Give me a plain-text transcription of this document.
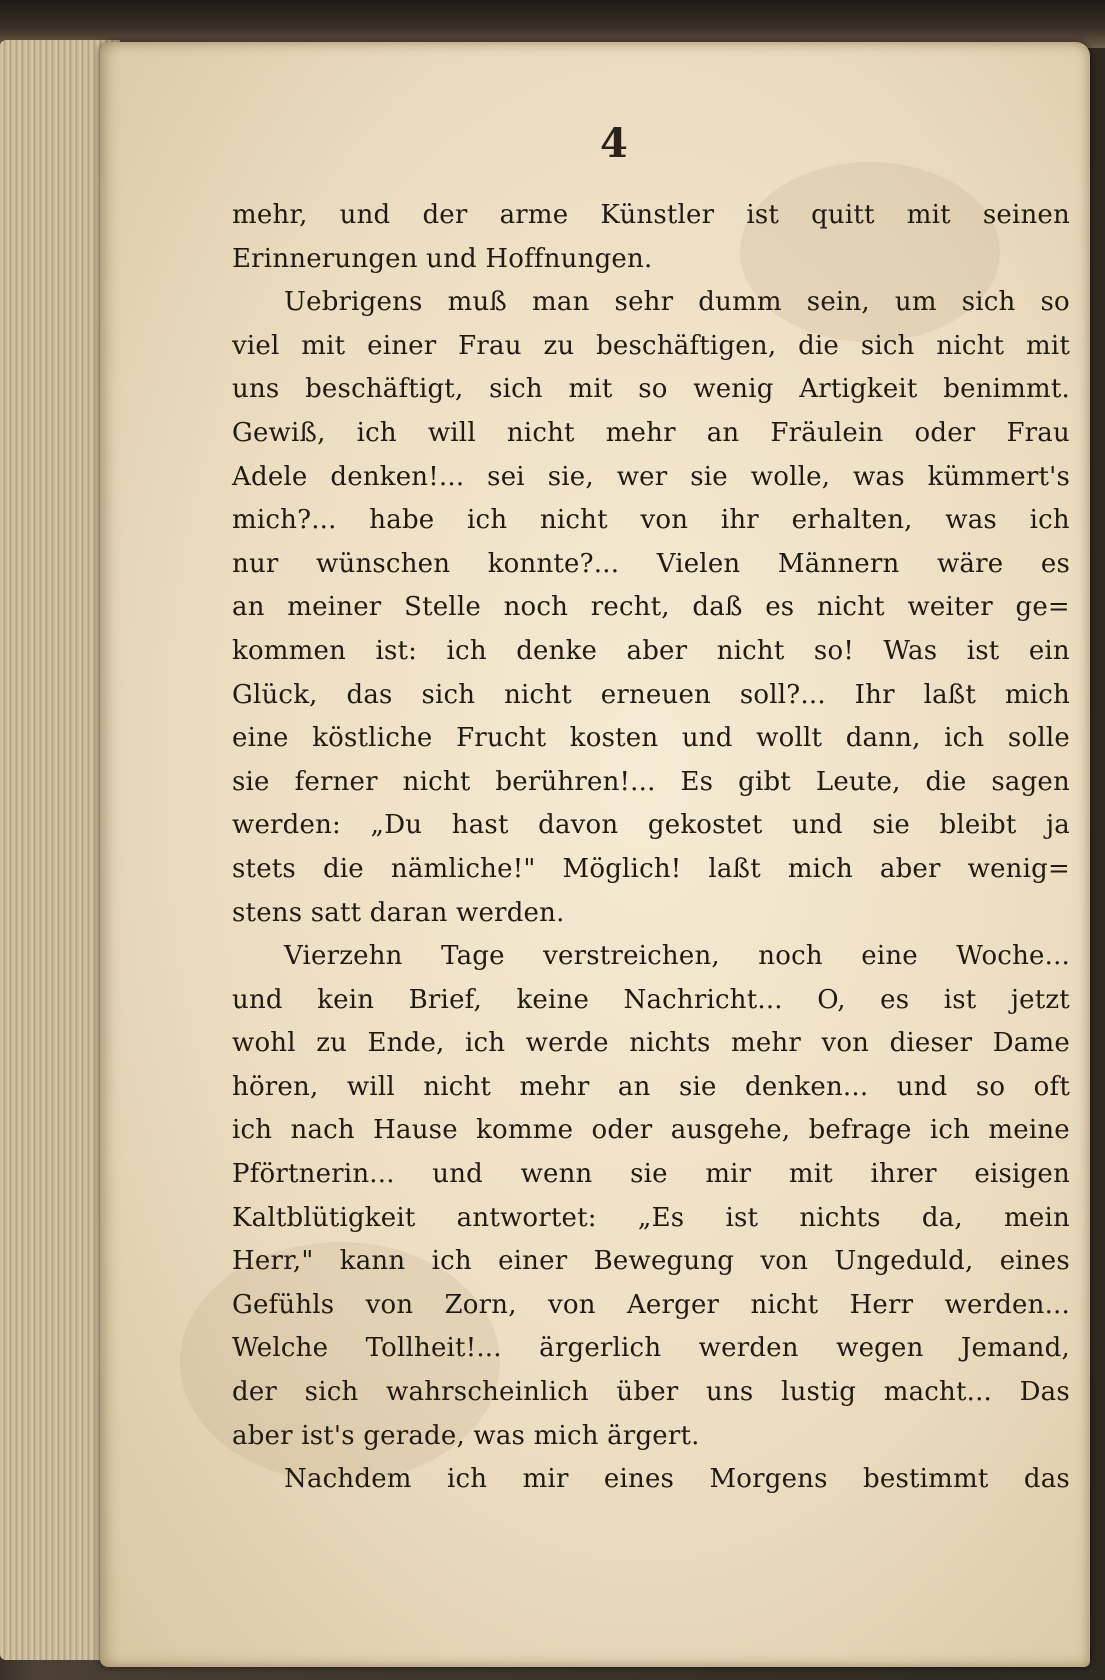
4
mehr, und der arme Künstler ist quitt mit seinen
Erinnerungen und Hoffnungen.
Uebrigens muß man sehr dumm sein, um sich so
viel mit einer Frau zu beschäftigen, die sich nicht mit
uns beschäftigt, sich mit so wenig Artigkeit benimmt.
Gewiß, ich will nicht mehr an Fräulein oder Frau
Adele denken!... sei sie, wer sie wolle, was kümmert's
mich?... habe ich nicht von ihr erhalten, was ich
nur wünschen konnte?... Vielen Männern wäre es
an meiner Stelle noch recht, daß es nicht weiter ge=
kommen ist: ich denke aber nicht so! Was ist ein
Glück, das sich nicht erneuen soll?... Ihr laßt mich
eine köstliche Frucht kosten und wollt dann, ich solle
sie ferner nicht berühren!... Es gibt Leute, die sagen
werden: „Du hast davon gekostet und sie bleibt ja
stets die nämliche!" Möglich! laßt mich aber wenig=
stens satt daran werden.
Vierzehn Tage verstreichen, noch eine Woche...
und kein Brief, keine Nachricht... O, es ist jetzt
wohl zu Ende, ich werde nichts mehr von dieser Dame
hören, will nicht mehr an sie denken... und so oft
ich nach Hause komme oder ausgehe, befrage ich meine
Pförtnerin... und wenn sie mir mit ihrer eisigen
Kaltblütigkeit antwortet: „Es ist nichts da, mein
Herr," kann ich einer Bewegung von Ungeduld, eines
Gefühls von Zorn, von Aerger nicht Herr werden...
Welche Tollheit!... ärgerlich werden wegen Jemand,
der sich wahrscheinlich über uns lustig macht... Das
aber ist's gerade, was mich ärgert.
Nachdem ich mir eines Morgens bestimmt das
